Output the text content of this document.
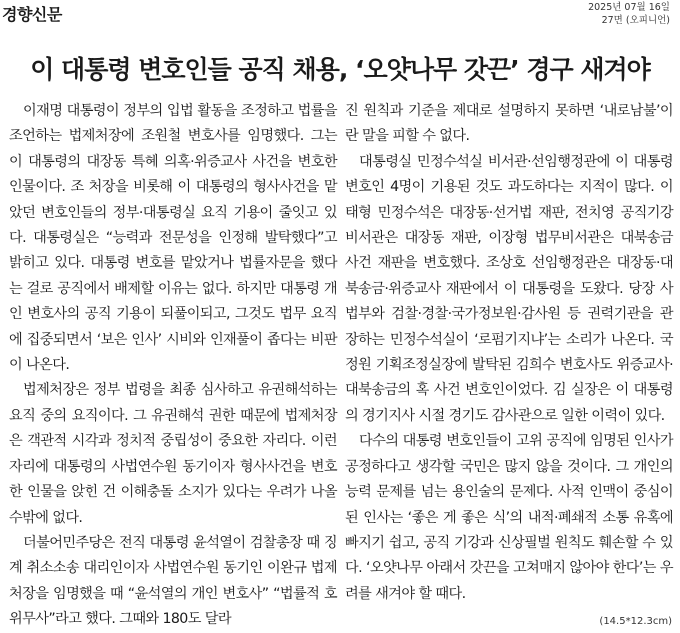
경향신문	2025년 07월 16일
27면 (오피니언)
이 대통령 변호인들 공직 채용, ‘오얏나무 갓끈’ 경구 새겨야

이재명 대통령이 정부의 입법 활동을 조정하고 법률을 조언하는 법제처장에 조원철 변호사를 임명했다. 그는 이 대통령의 대장동 특혜 의혹·위증교사 사건을 변호한 인물이다. 조 처장을 비롯해 이 대통령의 형사사건을 맡았던 변호인들의 정부·대통령실 요직 기용이 줄잇고 있다. 대통령실은 “능력과 전문성을 인정해 발탁했다”고 밝히고 있다. 대통령 변호를 맡았거나 법률자문을 했다는 걸로 공직에서 배제할 이유는 없다. 하지만 대통령 개인 변호사의 공직 기용이 되풀이되고, 그것도 법무 요직에 집중되면서 ‘보은 인사’ 시비와 인재풀이 좁다는 비판이 나온다.

법제처장은 정부 법령을 최종 심사하고 유권해석하는 요직 중의 요직이다. 그 유권해석 권한 때문에 법제처장은 객관적 시각과 정치적 중립성이 중요한 자리다. 이런 자리에 대통령의 사법연수원 동기이자 형사사건을 변호한 인물을 앉힌 건 이해충돌 소지가 있다는 우려가 나올 수밖에 없다.

더불어민주당은 전직 대통령 윤석열이 검찰총장 때 징계 취소소송 대리인이자 사법연수원 동기인 이완규 법제처장을 임명했을 때 “윤석열의 개인 변호사” “법률적 호위무사”라고 했다. 그때와 180도 달라

진 원칙과 기준을 제대로 설명하지 못하면 ‘내로남불’이란 말을 피할 수 없다.

대통령실 민정수석실 비서관·선임행정관에 이 대통령 변호인 4명이 기용된 것도 과도하다는 지적이 많다. 이태형 민정수석은 대장동·선거법 재판, 전치영 공직기강비서관은 대장동 재판, 이장형 법무비서관은 대북송금 사건 재판을 변호했다. 조상호 선임행정관은 대장동·대북송금·위증교사 재판에서 이 대통령을 도왔다. 당장 사법부와 검찰·경찰·국가정보원·감사원 등 권력기관을 관장하는 민정수석실이 ‘로펌기지냐’는 소리가 나온다. 국정원 기획조정실장에 발탁된 김희수 변호사도 위증교사·대북송금의 혹 사건 변호인이었다. 김 실장은 이 대통령의 경기지사 시절 경기도 감사관으로 일한 이력이 있다.

다수의 대통령 변호인들이 고위 공직에 임명된 인사가 공정하다고 생각할 국민은 많지 않을 것이다. 그 개인의 능력 문제를 넘는 용인술의 문제다. 사적 인맥이 중심이 된 인사는 ‘좋은 게 좋은 식’의 내적·폐쇄적 소통 유혹에 빠지기 쉽고, 공직 기강과 신상필벌 원칙도 훼손할 수 있다. ‘오얏나무 아래서 갓끈을 고쳐매지 않아야 한다’는 우려를 새겨야 할 때다.

(14.5*12.3cm)
